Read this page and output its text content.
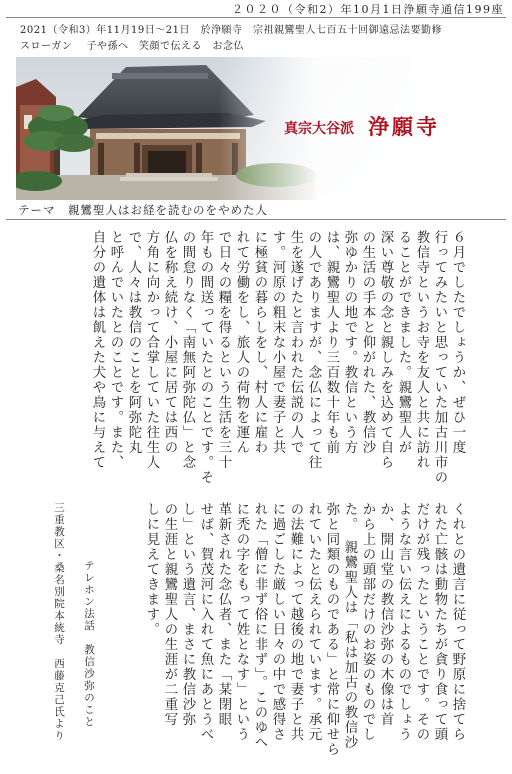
２０２０（令和2）年10月1日浄願寺通信199座
2021（令和3）年11月19日～21日　於浄願寺　宗祖親鸞聖人七百五十回御遠忌法要勤修
スローガン　 子や孫へ　笑顔で伝える　お念仏
真宗大谷派 浄願寺
テーマ　親鸞聖人はお経を読むのをやめた人
６月でしたでしょうか、ぜひ一度
行ってみたいと思っていた加古川市の
教信寺というお寺を友人と共に訪れ
ることができました。親鸞聖人が
深い尊敬の念と親しみを込めて自ら
の生活の手本と仰がれた、教信沙
弥ゆかりの地です。教信という方
は、親鸞聖人より三百数十年も前
の人でありますが、念仏によって往
生を遂げたと言われた伝説の人で
す。河原の粗末な小屋で妻子と共
に極貧の暮らしをし、村人に雇わ
れて労働をし、旅人の荷物を運ん
で日々の糧を得るという生活を三十
年もの間送っていたとのことです。そ
の間怠りなく「南無阿弥陀仏」と念
仏を称え続け、小屋に居ては西の
方角に向かって合掌していた往生人
で、人々は教信のことを阿弥陀丸
と呼んでいたとのことです。また、
自分の遺体は飢えた犬や鳥に与えて
くれとの遺言に従って野原に捨てら
れた亡骸は動物たちが貪り食って頭
だけが残ったということです。その
ような言い伝えによるものでしょう
か、開山堂の教信沙弥の木像は首
から上の頭部だけのお姿のものでし
た。　親鸞聖人は「私は加古の教信沙
弥と同類のものである」と常に仰せら
れていたと伝えられています。承元
の法難によって越後の地で妻子と共
に過ごした厳しい日々の中で感得さ
れた「僧に非ず俗に非ず」。このゆへ
に禿の字をもって姓となす」という
革新された念仏者、また「某閉眼
せば、賀茂河に入れて魚にあとうべ
し」という遺言、まさに教信沙弥
の生涯と親鸞聖人の生涯が二重写
しに見えてきます。
テレホン法話　教信沙弥のこと
三重教区・桑名別院本統寺　西藤克己氏より
